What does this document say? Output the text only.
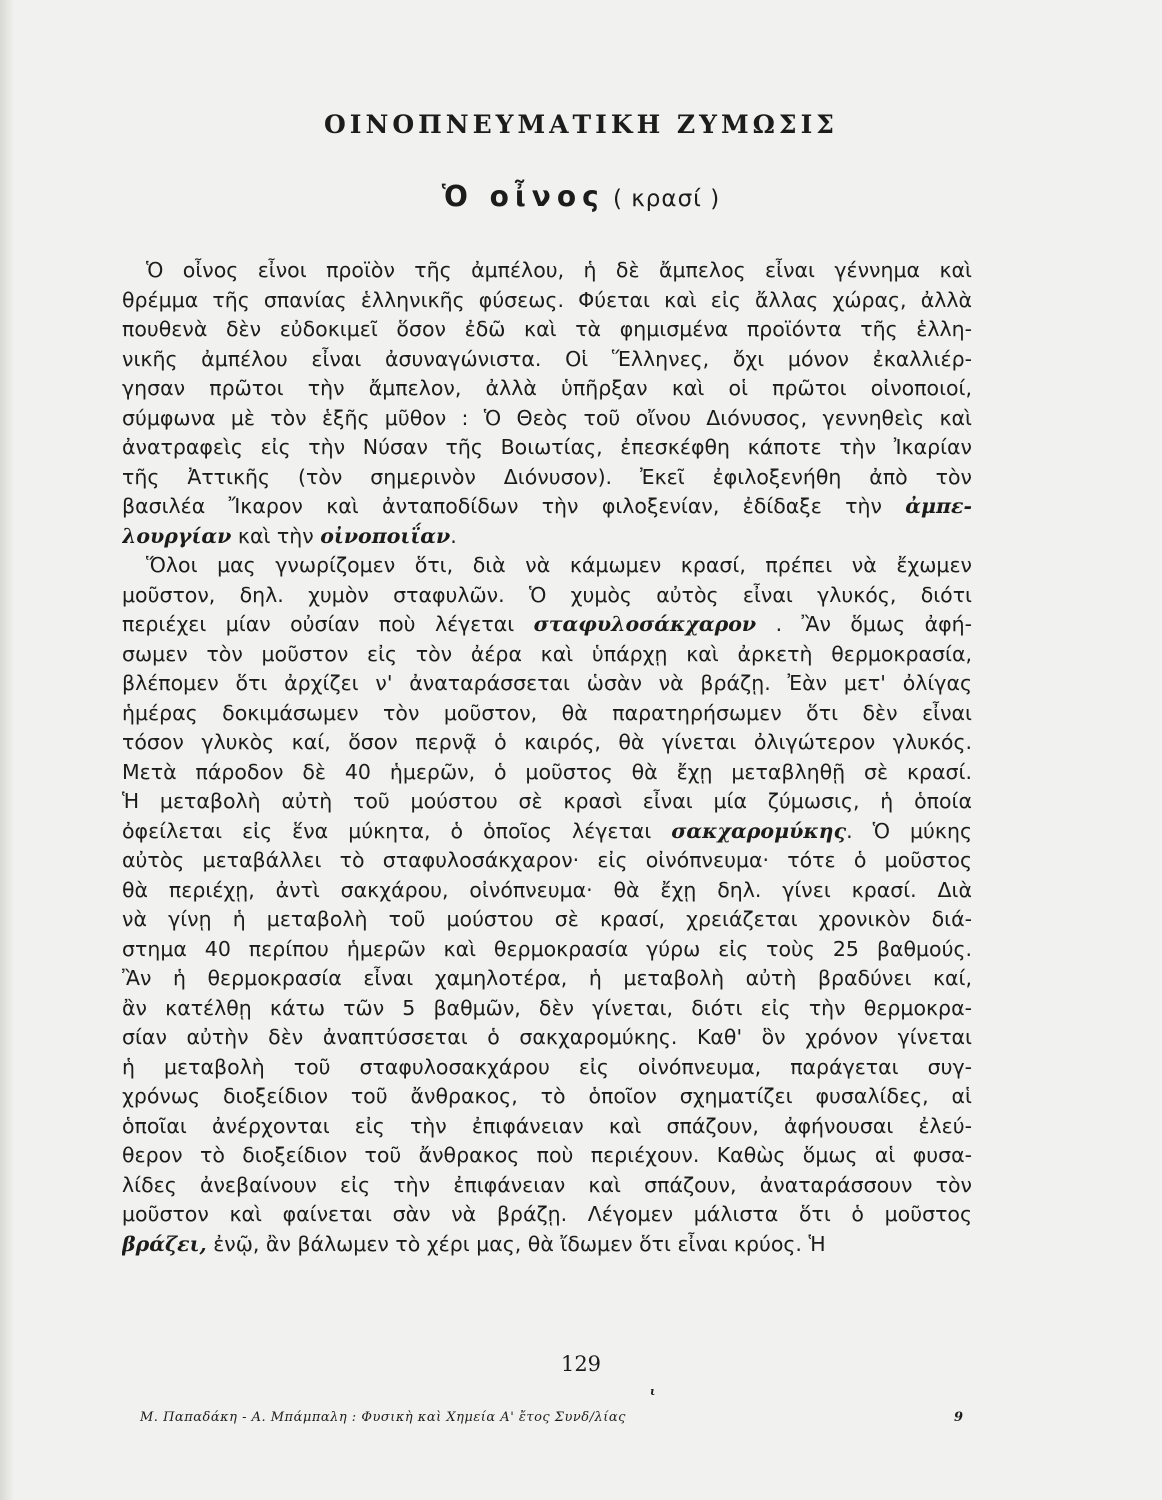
ΟΙΝΟΠΝΕΥΜΑΤΙΚΗ ΖΥΜΩΣΙΣ
Ὁ οἶνος ( κρασί )
Ὁ οἶνος εἶνοι προϊὸν τῆς ἀμπέλου, ἡ δὲ ἄμπελος εἶναι γέννημα καὶ
θρέμμα τῆς σπανίας ἑλληνικῆς φύσεως. Φύεται καὶ εἰς ἄλλας χώρας, ἀλλὰ
πουθενὰ δὲν εὐδοκιμεῖ ὅσον ἐδῶ καὶ τὰ φημισμένα προϊόντα τῆς ἑλλη-
νικῆς ἀμπέλου εἶναι ἀσυναγώνιστα. Οἱ Ἕλληνες, ὄχι μόνον ἐκαλλιέρ-
γησαν πρῶτοι τὴν ἄμπελον, ἀλλὰ ὑπῆρξαν καὶ οἱ πρῶτοι οἰνοποιοί,
σύμφωνα μὲ τὸν ἑξῆς μῦθον : Ὁ Θεὸς τοῦ οἴνου Διόνυσος, γεννηθεὶς καὶ
ἀνατραφεὶς εἰς τὴν Νύσαν τῆς Βοιωτίας, ἐπεσκέφθη κάποτε τὴν Ἰκαρίαν
τῆς Ἀττικῆς (τὸν σημερινὸν Διόνυσον). Ἐκεῖ ἐφιλοξενήθη ἀπὸ τὸν
βασιλέα Ἴκαρον καὶ ἀνταποδίδων τὴν φιλοξενίαν, ἐδίδαξε τὴν ἀμπε-
λουργίαν καὶ τὴν οἰνοποιΐαν.
Ὅλοι μας γνωρίζομεν ὅτι, διὰ νὰ κάμωμεν κρασί, πρέπει νὰ ἔχωμεν
μοῦστον, δηλ. χυμὸν σταφυλῶν. Ὁ χυμὸς αὐτὸς εἶναι γλυκός, διότι
περιέχει μίαν οὐσίαν ποὺ λέγεται σταφυλοσάκχαρον . Ἂν ὅμως ἀφή-
σωμεν τὸν μοῦστον εἰς τὸν ἀέρα καὶ ὑπάρχῃ καὶ ἀρκετὴ θερμοκρασία,
βλέπομεν ὅτι ἀρχίζει ν' ἀναταράσσεται ὡσὰν νὰ βράζῃ. Ἐὰν μετ' ὀλίγας
ἡμέρας δοκιμάσωμεν τὸν μοῦστον, θὰ παρατηρήσωμεν ὅτι δὲν εἶναι
τόσον γλυκὸς καί, ὅσον περνᾷ ὁ καιρός, θὰ γίνεται ὀλιγώτερον γλυκός.
Μετὰ πάροδον δὲ 40 ἡμερῶν, ὁ μοῦστος θὰ ἔχῃ μεταβληθῇ σὲ κρασί.
Ἡ μεταβολὴ αὐτὴ τοῦ μούστου σὲ κρασὶ εἶναι μία ζύμωσις, ἡ ὁποία
ὀφείλεται εἰς ἕνα μύκητα, ὁ ὁποῖος λέγεται σακχαρομύκης. Ὁ μύκης
αὐτὸς μεταβάλλει τὸ σταφυλοσάκχαρον· εἰς οἰνόπνευμα· τότε ὁ μοῦστος
θὰ περιέχῃ, ἀντὶ σακχάρου, οἰνόπνευμα· θὰ ἔχῃ δηλ. γίνει κρασί. Διὰ
νὰ γίνῃ ἡ μεταβολὴ τοῦ μούστου σὲ κρασί, χρειάζεται χρονικὸν διά-
στημα 40 περίπου ἡμερῶν καὶ θερμοκρασία γύρω εἰς τοὺς 25 βαθμούς.
Ἂν ἡ θερμοκρασία εἶναι χαμηλοτέρα, ἡ μεταβολὴ αὐτὴ βραδύνει καί,
ἂν κατέλθῃ κάτω τῶν 5 βαθμῶν, δὲν γίνεται, διότι εἰς τὴν θερμοκρα-
σίαν αὐτὴν δὲν ἀναπτύσσεται ὁ σακχαρομύκης. Καθ' ὃν χρόνον γίνεται
ἡ μεταβολὴ τοῦ σταφυλοσακχάρου εἰς οἰνόπνευμα, παράγεται συγ-
χρόνως διοξείδιον τοῦ ἄνθρακος, τὸ ὁποῖον σχηματίζει φυσαλίδες, αἱ
ὁποῖαι ἀνέρχονται εἰς τὴν ἐπιφάνειαν καὶ σπάζουν, ἀφήνουσαι ἐλεύ-
θερον τὸ διοξείδιον τοῦ ἄνθρακος ποὺ περιέχουν. Καθὼς ὅμως αἱ φυσα-
λίδες ἀνεβαίνουν εἰς τὴν ἐπιφάνειαν καὶ σπάζουν, ἀναταράσσουν τὸν
μοῦστον καὶ φαίνεται σὰν νὰ βράζῃ. Λέγομεν μάλιστα ὅτι ὁ μοῦστος
βράζει, ἐνῷ, ἂν βάλωμεν τὸ χέρι μας, θὰ ἴδωμεν ὅτι εἶναι κρύος. Ἡ
129
ι
Μ. Παπαδάκη - Α. Μπάμπαλη : Φυσικὴ καὶ Χημεία Α' ἔτος Συνδ/λίας	9
